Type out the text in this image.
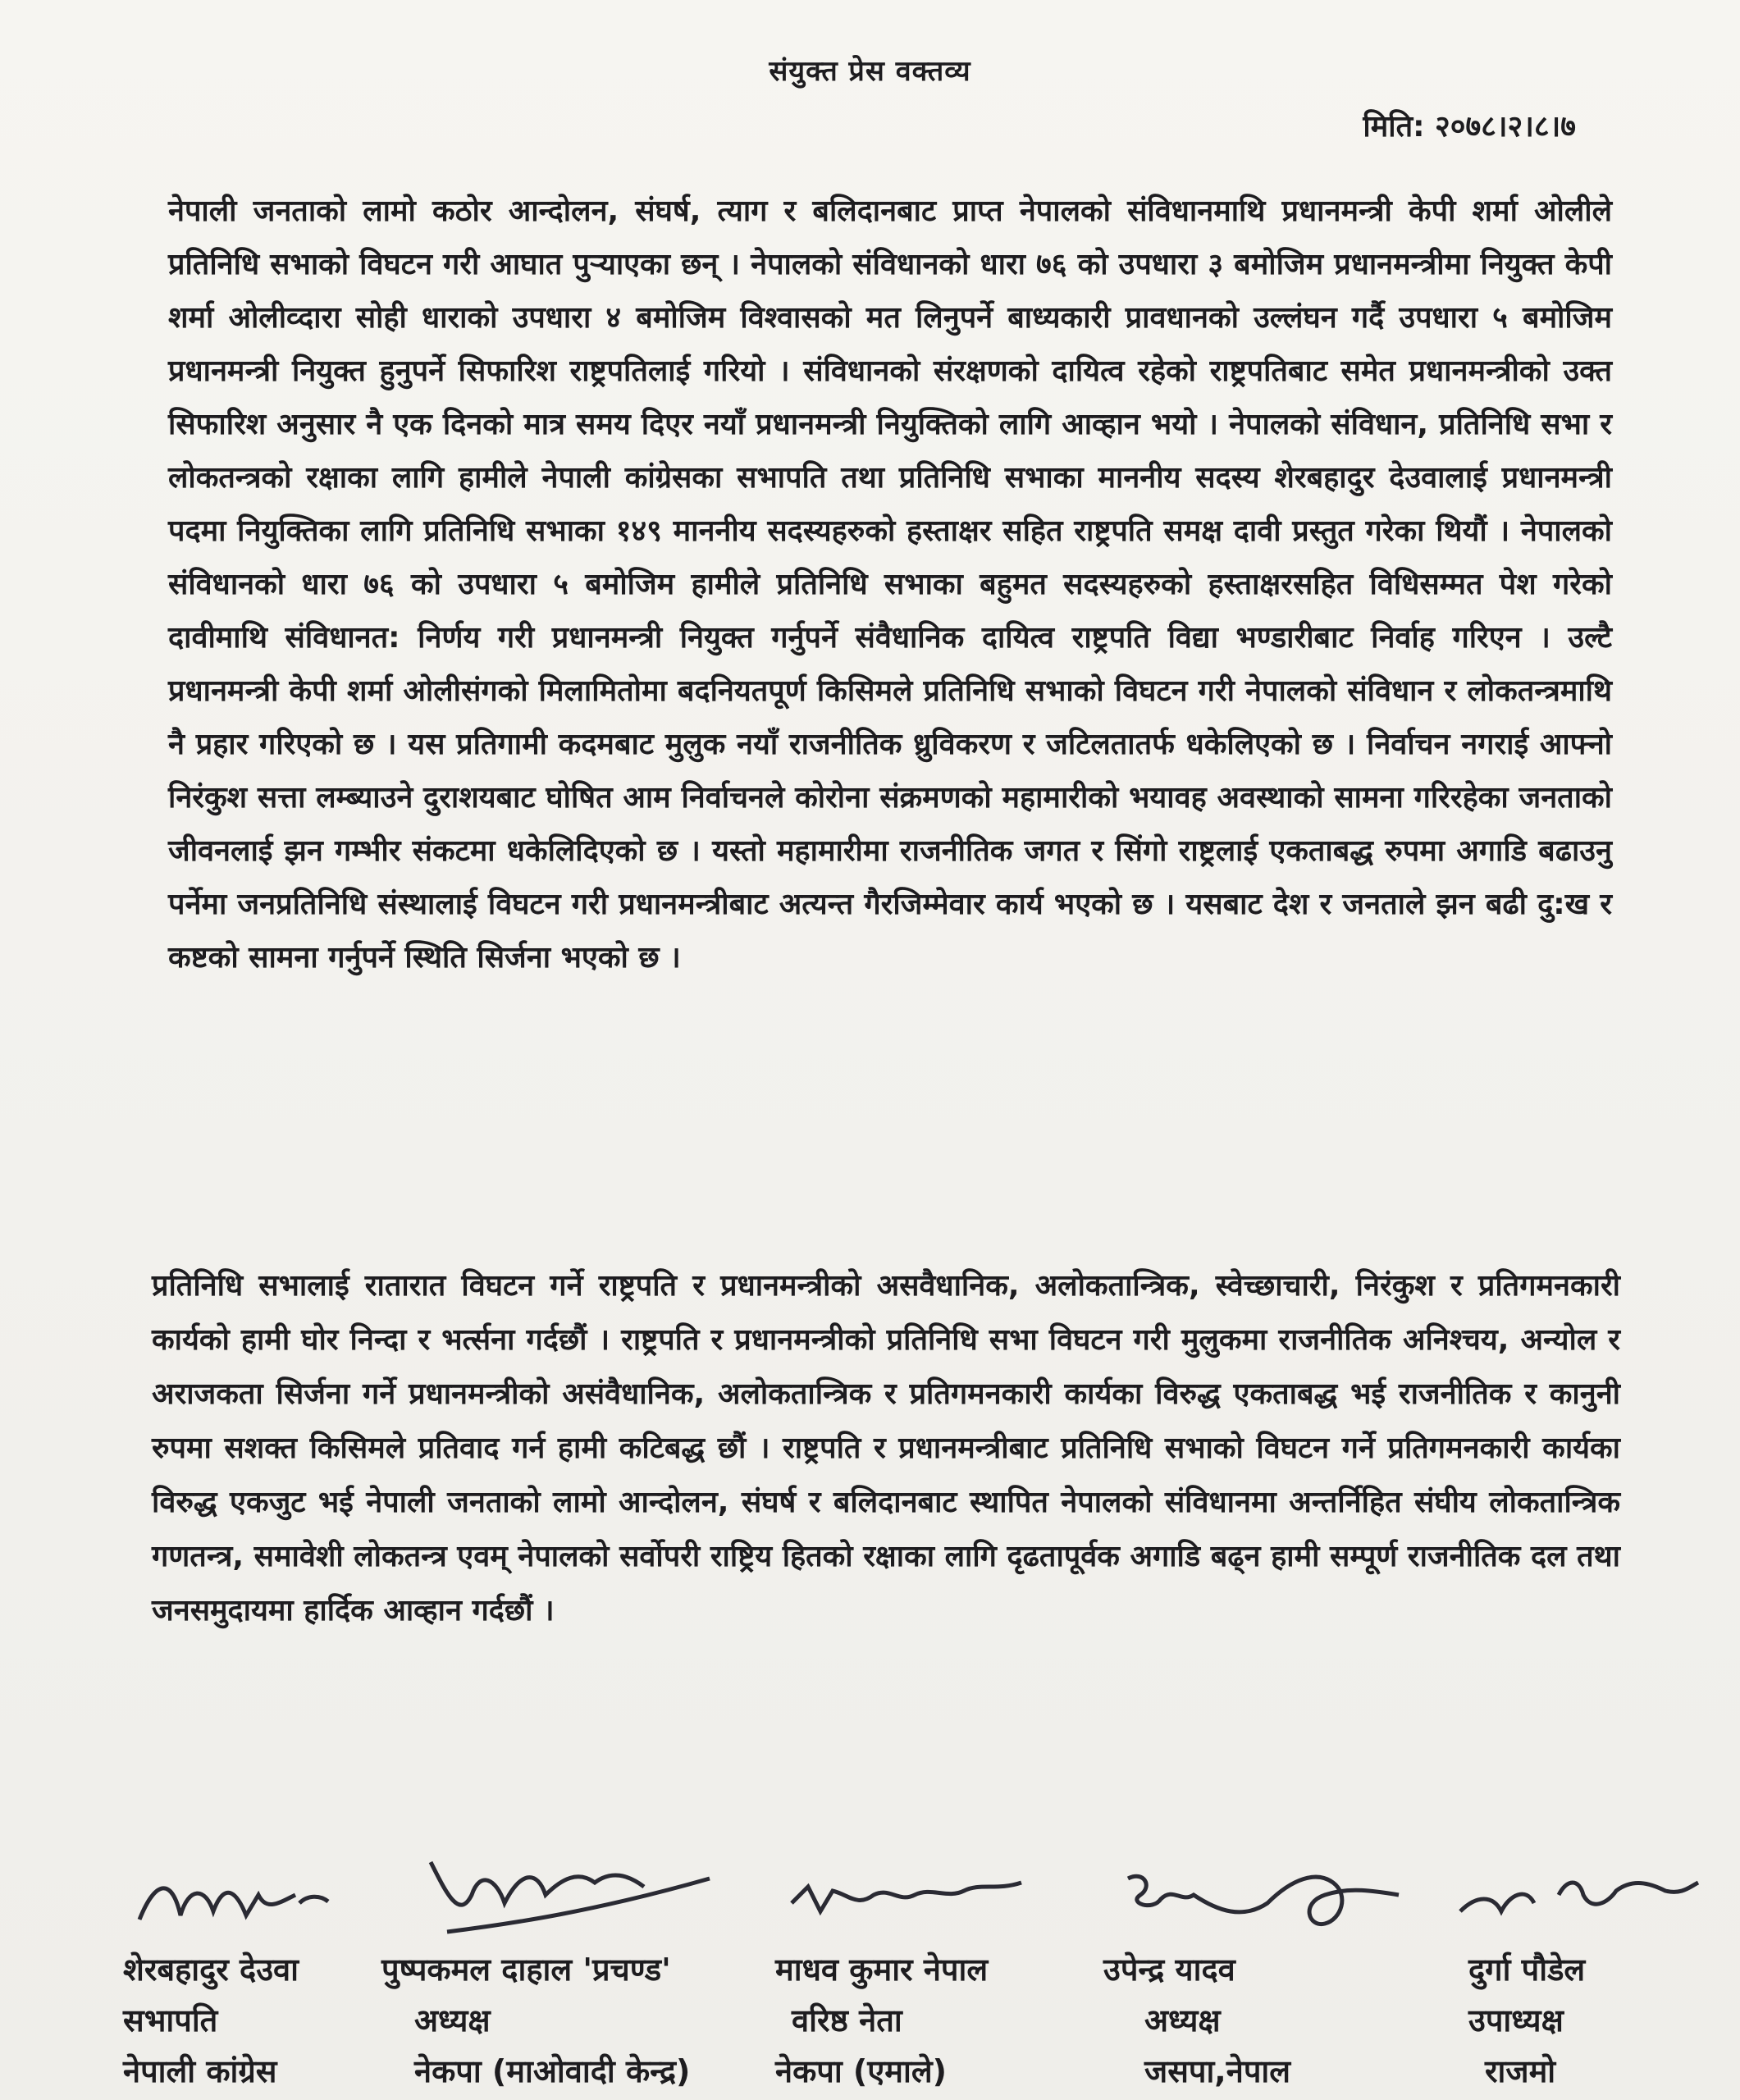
संयुक्त प्रेस वक्तव्य
मिति: २०७८।२।८।७

नेपाली जनताको लामो कठोर आन्दोलन, संघर्ष, त्याग र बलिदानबाट प्राप्त नेपालको संविधानमाथि प्रधानमन्त्री केपी शर्मा ओलीले प्रतिनिधि सभाको विघटन गरी आघात पुर्‍याएका छन् । नेपालको संविधानको धारा ७६ को उपधारा ३ बमोजिम प्रधानमन्त्रीमा नियुक्त केपी शर्मा ओलीव्दारा सोही धाराको उपधारा ४ बमोजिम विश्वासको मत लिनुपर्ने बाध्यकारी प्रावधानको उल्लंघन गर्दै उपधारा ५ बमोजिम प्रधानमन्त्री नियुक्त हुनुपर्ने सिफारिश राष्ट्रपतिलाई गरियो । संविधानको संरक्षणको दायित्व रहेको राष्ट्रपतिबाट समेत प्रधानमन्त्रीको उक्त सिफारिश अनुसार नै एक दिनको मात्र समय दिएर नयाँ प्रधानमन्त्री नियुक्तिको लागि आव्हान भयो । नेपालको संविधान, प्रतिनिधि सभा र लोकतन्त्रको रक्षाका लागि हामीले नेपाली कांग्रेसका सभापति तथा प्रतिनिधि सभाका माननीय सदस्य शेरबहादुर देउवालाई प्रधानमन्त्री पदमा नियुक्तिका लागि प्रतिनिधि सभाका १४९ माननीय सदस्यहरुको हस्ताक्षर सहित राष्ट्रपति समक्ष दावी प्रस्तुत गरेका थियौं । नेपालको संविधानको धारा ७६ को उपधारा ५ बमोजिम हामीले प्रतिनिधि सभाका बहुमत सदस्यहरुको हस्ताक्षरसहित विधिसम्मत पेश गरेको दावीमाथि संविधानत: निर्णय गरी प्रधानमन्त्री नियुक्त गर्नुपर्ने संवैधानिक दायित्व राष्ट्रपति विद्या भण्डारीबाट निर्वाह गरिएन । उल्टै प्रधानमन्त्री केपी शर्मा ओलीसंगको मिलामितोमा बदनियतपूर्ण किसिमले प्रतिनिधि सभाको विघटन गरी नेपालको संविधान र लोकतन्त्रमाथि नै प्रहार गरिएको छ । यस प्रतिगामी कदमबाट मुलुक नयाँ राजनीतिक ध्रुविकरण र जटिलतातर्फ धकेलिएको छ । निर्वाचन नगराई आफ्नो निरंकुश सत्ता लम्ब्याउने दुराशयबाट घोषित आम निर्वाचनले कोरोना संक्रमणको महामारीको भयावह अवस्थाको सामना गरिरहेका जनताको जीवनलाई झन गम्भीर संकटमा धकेलिदिएको छ । यस्तो महामारीमा राजनीतिक जगत र सिंगो राष्ट्रलाई एकताबद्ध रुपमा अगाडि बढाउनु पर्नेमा जनप्रतिनिधि संस्थालाई विघटन गरी प्रधानमन्त्रीबाट अत्यन्त गैरजिम्मेवार कार्य भएको छ । यसबाट देश र जनताले झन बढी दु:ख र कष्टको सामना गर्नुपर्ने स्थिति सिर्जना भएको छ ।

प्रतिनिधि सभालाई रातारात विघटन गर्ने राष्ट्रपति र प्रधानमन्त्रीको असवैधानिक, अलोकतान्त्रिक, स्वेच्छाचारी, निरंकुश र प्रतिगमनकारी कार्यको हामी घोर निन्दा र भर्त्सना गर्दछौं । राष्ट्रपति र प्रधानमन्त्रीको प्रतिनिधि सभा विघटन गरी मुलुकमा राजनीतिक अनिश्चय, अन्योल र अराजकता सिर्जना गर्ने प्रधानमन्त्रीको असंवैधानिक, अलोकतान्त्रिक र प्रतिगमनकारी कार्यका विरुद्ध एकताबद्ध भई राजनीतिक र कानुनी रुपमा सशक्त किसिमले प्रतिवाद गर्न हामी कटिबद्ध छौं । राष्ट्रपति र प्रधानमन्त्रीबाट प्रतिनिधि सभाको विघटन गर्ने प्रतिगमनकारी कार्यका विरुद्ध एकजुट भई नेपाली जनताको लामो आन्दोलन, संघर्ष र बलिदानबाट स्थापित नेपालको संविधानमा अन्तर्निहित संघीय लोकतान्त्रिक गणतन्त्र, समावेशी लोकतन्त्र एवम् नेपालको सर्वोपरी राष्ट्रिय हितको रक्षाका लागि दृढतापूर्वक अगाडि बढ्न हामी सम्पूर्ण राजनीतिक दल तथा जनसमुदायमा हार्दिक आव्हान गर्दछौं ।

शेरबहादुर देउवा
सभापति
नेपाली कांग्रेस
पुष्पकमल दाहाल 'प्रचण्ड'
अध्यक्ष
नेकपा (माओवादी केन्द्र)
माधव कुमार नेपाल
वरिष्ठ नेता
नेकपा (एमाले)
उपेन्द्र यादव
अध्यक्ष
जसपा,नेपाल
दुर्गा पौडेल
उपाध्यक्ष
राजमो
